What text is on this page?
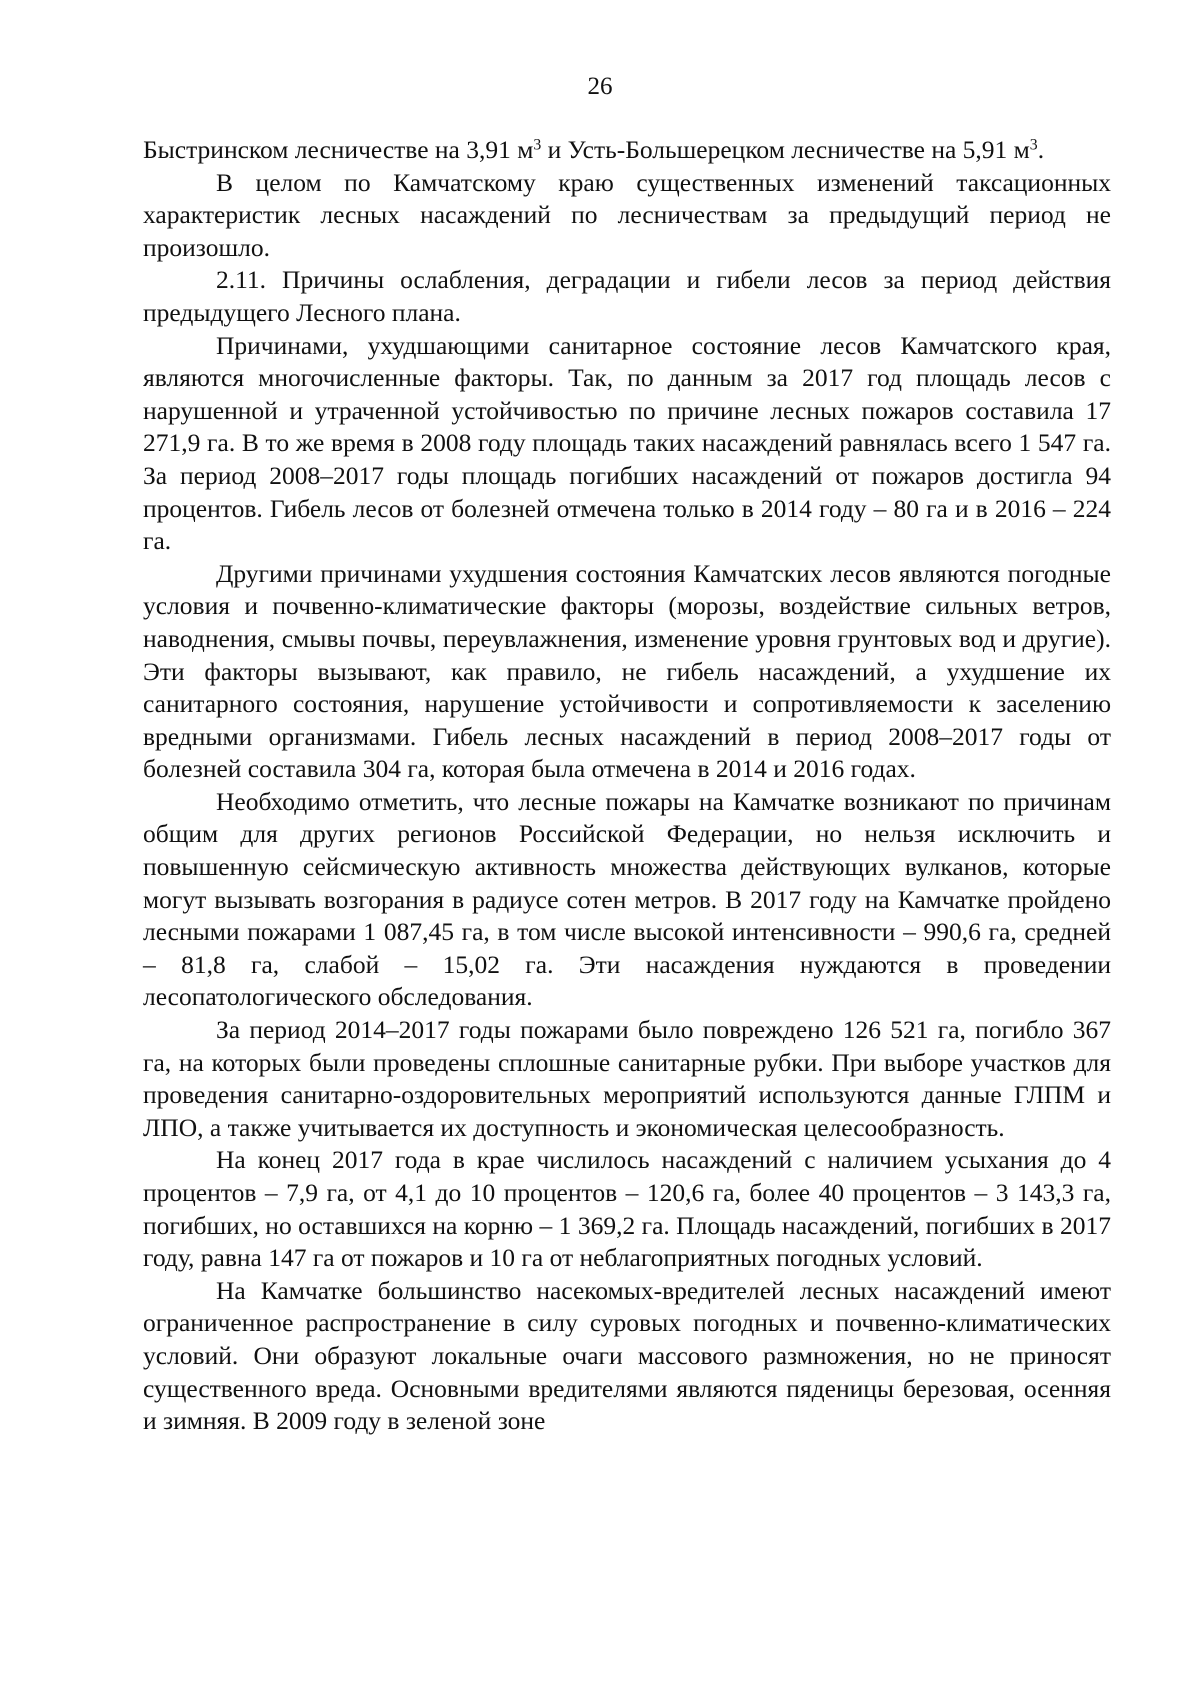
26

Быстринском лесничестве на 3,91 $м^3$ и Усть-Большерецком лесничестве на 5,91 $м^3$.

В целом по Камчатскому краю существенных изменений таксационных характеристик лесных насаждений по лесничествам за предыдущий период не произошло.

2.11. Причины ослабления, деградации и гибели лесов за период действия предыдущего Лесного плана.

Причинами, ухудшающими санитарное состояние лесов Камчатского края, являются многочисленные факторы. Так, по данным за 2017 год площадь лесов с нарушенной и утраченной устойчивостью по причине лесных пожаров составила 17 271,9 га. В то же время в 2008 году площадь таких насаждений равнялась всего 1 547 га. За период 2008–2017 годы площадь погибших насаждений от пожаров достигла 94 процентов. Гибель лесов от болезней отмечена только в 2014 году – 80 га и в 2016 – 224 га.

Другими причинами ухудшения состояния Камчатских лесов являются погодные условия и почвенно-климатические факторы (морозы, воздействие сильных ветров, наводнения, смывы почвы, переувлажнения, изменение уровня грунтовых вод и другие). Эти факторы вызывают, как правило, не гибель насаждений, а ухудшение их санитарного состояния, нарушение устойчивости и сопротивляемости к заселению вредными организмами. Гибель лесных насаждений в период 2008–2017 годы от болезней составила 304 га, которая была отмечена в 2014 и 2016 годах.

Необходимо отметить, что лесные пожары на Камчатке возникают по причинам общим для других регионов Российской Федерации, но нельзя исключить и повышенную сейсмическую активность множества действующих вулканов, которые могут вызывать возгорания в радиусе сотен метров. В 2017 году на Камчатке пройдено лесными пожарами 1 087,45 га, в том числе высокой интенсивности – 990,6 га, средней – 81,8 га, слабой – 15,02 га. Эти насаждения нуждаются в проведении лесопатологического обследования.

За период 2014–2017 годы пожарами было повреждено 126 521 га, погибло 367 га, на которых были проведены сплошные санитарные рубки. При выборе участков для проведения санитарно-оздоровительных мероприятий используются данные ГЛПМ и ЛПО, а также учитывается их доступность и экономическая целесообразность.

На конец 2017 года в крае числилось насаждений с наличием усыхания до 4 процентов – 7,9 га, от 4,1 до 10 процентов – 120,6 га, более 40 процентов – 3 143,3 га, погибших, но оставшихся на корню – 1 369,2 га. Площадь насаждений, погибших в 2017 году, равна 147 га от пожаров и 10 га от неблагоприятных погодных условий.

На Камчатке большинство насекомых-вредителей лесных насаждений имеют ограниченное распространение в силу суровых погодных и почвенно-климатических условий. Они образуют локальные очаги массового размножения, но не приносят существенного вреда. Основными вредителями являются пяденицы березовая, осенняя и зимняя. В 2009 году в зеленой зоне
